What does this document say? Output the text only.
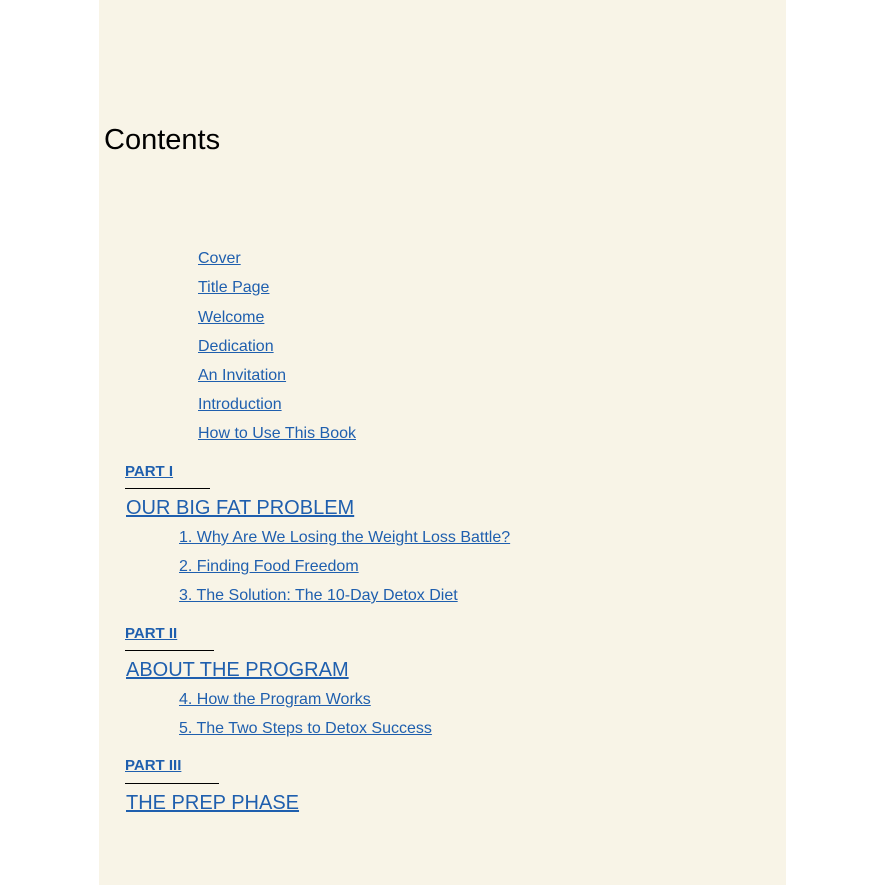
Contents
Cover
Title Page
Welcome
Dedication
An Invitation
Introduction
How to Use This Book
PART I
OUR BIG FAT PROBLEM
1. Why Are We Losing the Weight Loss Battle?
2. Finding Food Freedom
3. The Solution: The 10-Day Detox Diet
PART II
ABOUT THE PROGRAM
4. How the Program Works
5. The Two Steps to Detox Success
PART III
THE PREP PHASE
